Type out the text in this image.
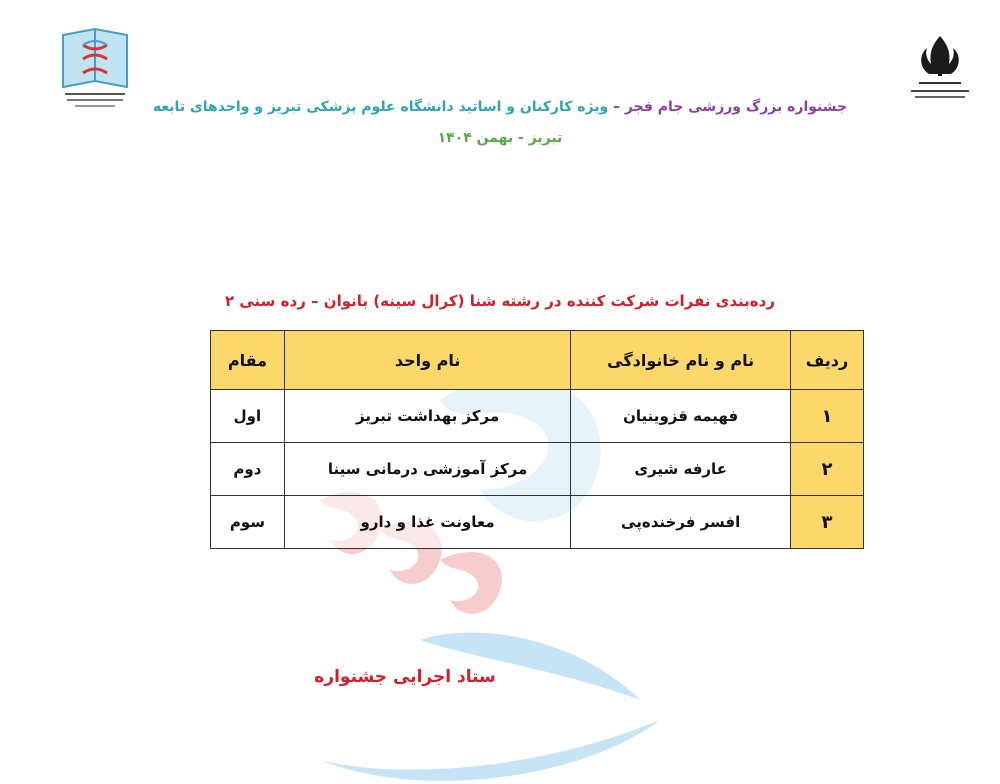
جشنواره بزرگ ورزشی جام فجر – ویژه کارکنان و اساتید دانشگاه علوم پزشکی تبریز و واحدهای تابعه
تبریز - بهمن ۱۴۰۴
رده‌بندی نفرات شرکت کننده در رشته شنا (کرال سینه) بانوان – رده سنی ۲
ردیف	نام و نام خانوادگی	نام واحد	مقام
۱	فهیمه قزوینیان	مرکز بهداشت تبریز	اول
۲	عارفه شیری	مرکز آموزشی درمانی سینا	دوم
۳	افسر فرخنده‌پی	معاونت غذا و دارو	سوم
ستاد اجرایی جشنواره
